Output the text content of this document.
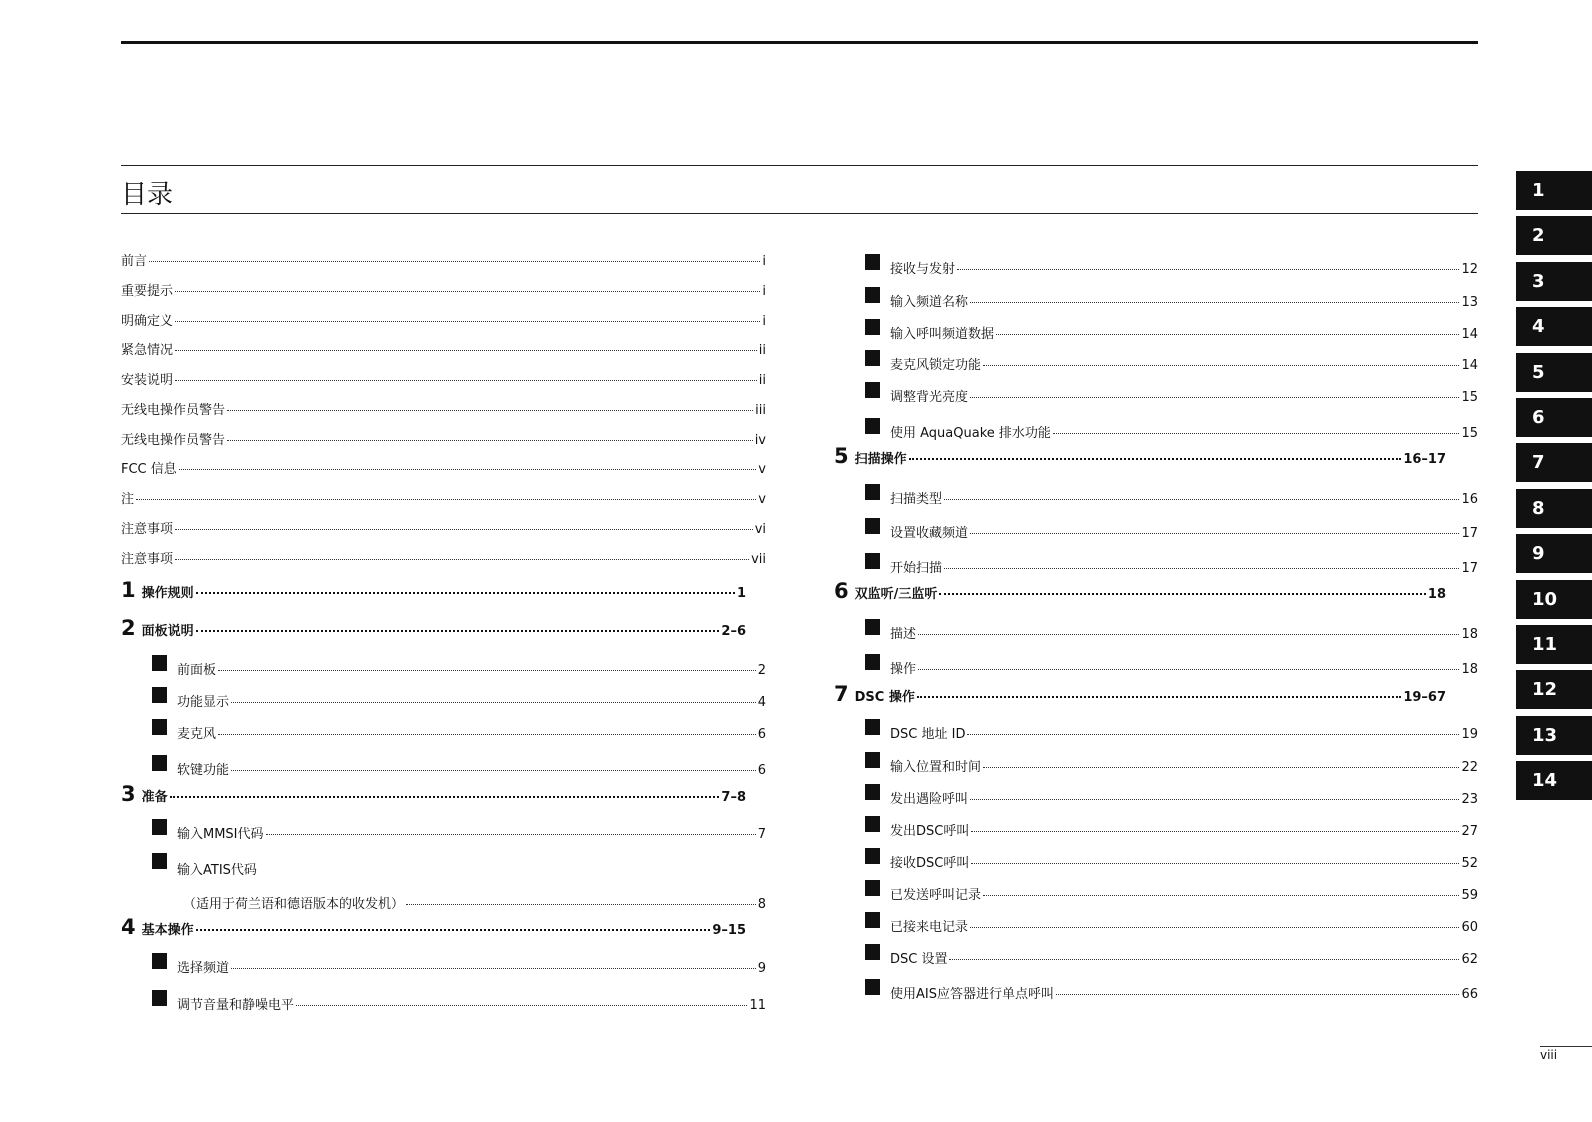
目录
前言	i
重要提示	i
明确定义	i
紧急情况	ii
安装说明	ii
无线电操作员警告	iii
无线电操作员警告	iv
FCC 信息	v
注	v
注意事项	vi
注意事项	vii
1 操作规则	1
2 面板说明	2–6
前面板	2
功能显示	4
麦克风	6
软键功能	6
3 准备	7–8
输入MMSI代码	7
输入ATIS代码
（适用于荷兰语和德语版本的收发机）	8
4 基本操作	9–15
选择频道	9
调节音量和静噪电平	11
接收与发射	12
输入频道名称	13
输入呼叫频道数据	14
麦克风锁定功能	14
调整背光亮度	15
使用 AquaQuake 排水功能	15
5 扫描操作	16–17
扫描类型	16
设置收藏频道	17
开始扫描	17
6 双监听/三监听	18
描述	18
操作	18
7 DSC 操作	19–67
DSC 地址 ID	19
输入位置和时间	22
发出遇险呼叫	23
发出DSC呼叫	27
接收DSC呼叫	52
已发送呼叫记录	59
已接来电记录	60
DSC 设置	62
使用AIS应答器进行单点呼叫	66
1
2
3
4
5
6
7
8
9
10
11
12
13
14
viii
